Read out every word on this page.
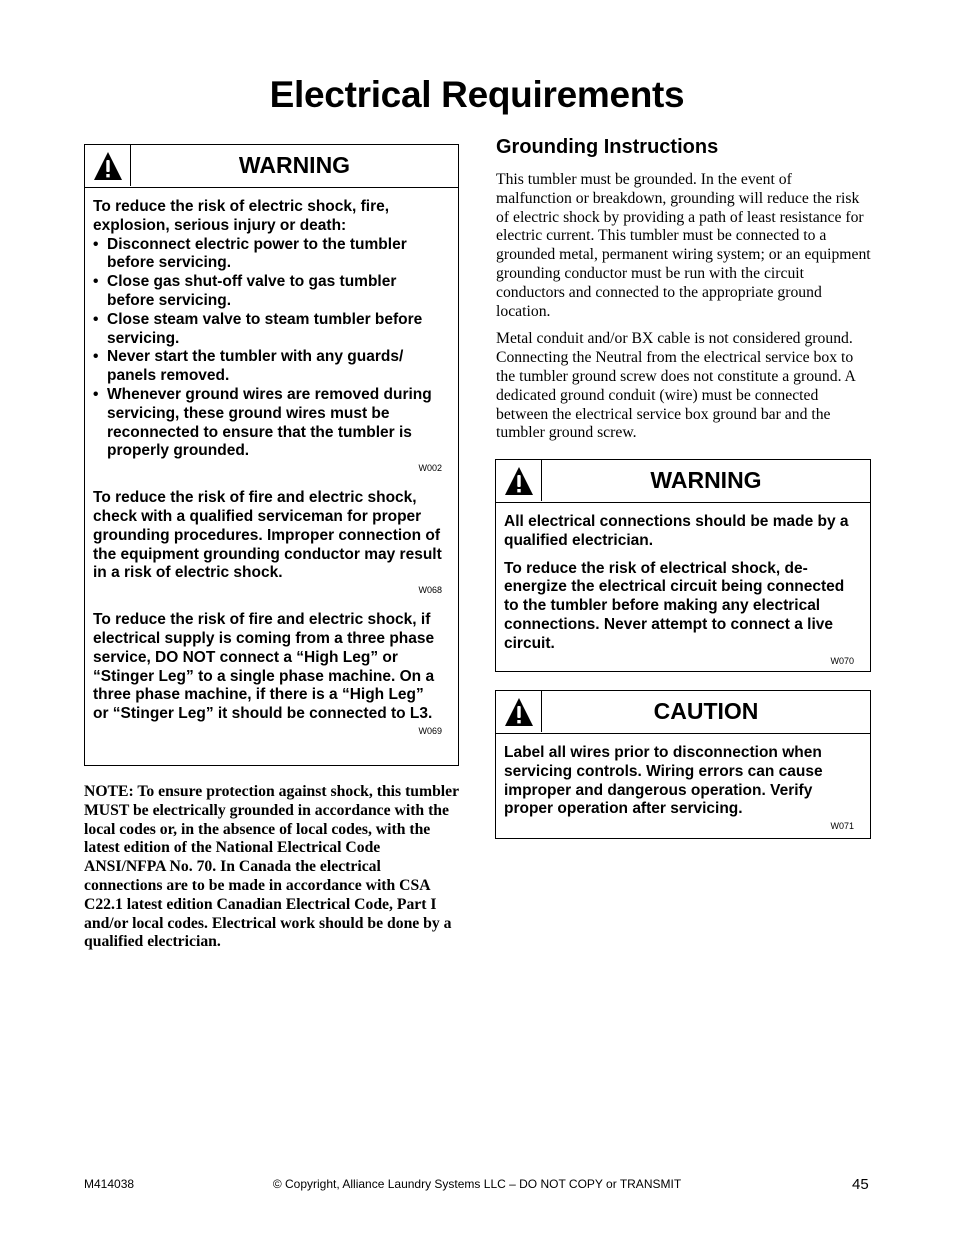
Electrical Requirements
WARNING

To reduce the risk of electric shock, fire, explosion, serious injury or death:

• Disconnect electric power to the tumbler before servicing.
• Close gas shut-off valve to gas tumbler before servicing.
• Close steam valve to steam tumbler before servicing.
• Never start the tumbler with any guards/ panels removed.
• Whenever ground wires are removed during servicing, these ground wires must be reconnected to ensure that the tumbler is properly grounded.

W002

To reduce the risk of fire and electric shock, check with a qualified serviceman for proper grounding procedures. Improper connection of the equipment grounding conductor may result in a risk of electric shock.

W068

To reduce the risk of fire and electric shock, if electrical supply is coming from a three phase service, DO NOT connect a “High Leg” or “Stinger Leg” to a single phase machine. On a three phase machine, if there is a “High Leg” or “Stinger Leg” it should be connected to L3.

W069

NOTE: To ensure protection against shock, this tumbler MUST be electrically grounded in accordance with the local codes or, in the absence of local codes, with the latest edition of the National Electrical Code ANSI/NFPA No. 70. In Canada the electrical connections are to be made in accordance with CSA C22.1 latest edition Canadian Electrical Code, Part I and/or local codes. Electrical work should be done by a qualified electrician.

Grounding Instructions

This tumbler must be grounded. In the event of malfunction or breakdown, grounding will reduce the risk of electric shock by providing a path of least resistance for electric current. This tumbler must be connected to a grounded metal, permanent wiring system; or an equipment grounding conductor must be run with the circuit conductors and connected to the appropriate ground location.

Metal conduit and/or BX cable is not considered ground. Connecting the Neutral from the electrical service box to the tumbler ground screw does not constitute a ground. A dedicated ground conduit (wire) must be connected between the electrical service box ground bar and the tumbler ground screw.

WARNING

All electrical connections should be made by a qualified electrician.

To reduce the risk of electrical shock, de-energize the electrical circuit being connected to the tumbler before making any electrical connections. Never attempt to connect a live circuit.

W070

CAUTION

Label all wires prior to disconnection when servicing controls. Wiring errors can cause improper and dangerous operation. Verify proper operation after servicing.

W071

M414038	© Copyright, Alliance Laundry Systems LLC – DO NOT COPY or TRANSMIT	45
